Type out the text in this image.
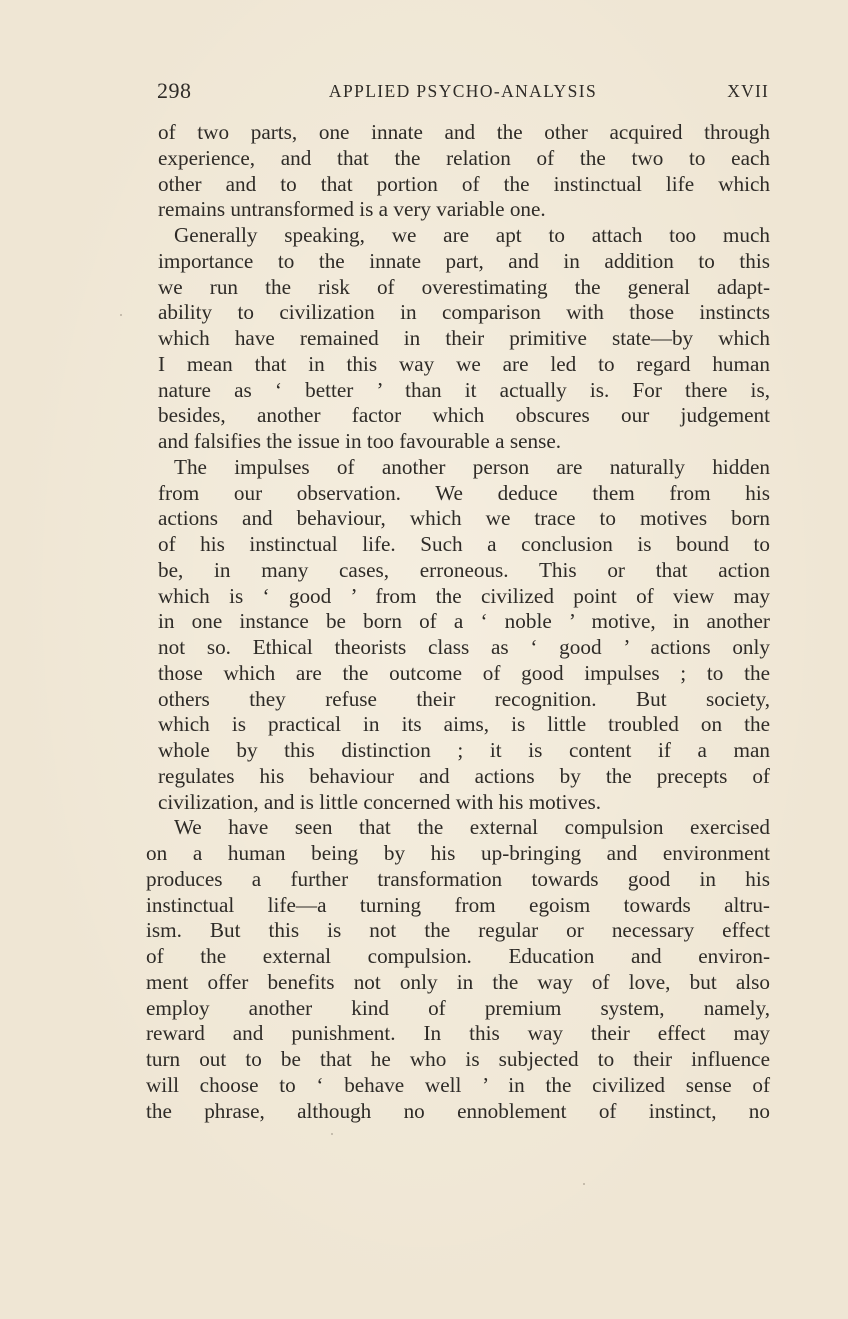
298	APPLIED PSYCHO-ANALYSIS	XVII
of two parts, one innate and the other acquired through
experience, and that the relation of the two to each
other and to that portion of the instinctual life which
remains untransformed is a very variable one.
Generally speaking, we are apt to attach too much
importance to the innate part, and in addition to this
we run the risk of overestimating the general adapt-
ability to civilization in comparison with those instincts
which have remained in their primitive state—by which
I mean that in this way we are led to regard human
nature as ‘ better ’ than it actually is. For there is,
besides, another factor which obscures our judgement
and falsifies the issue in too favourable a sense.
The impulses of another person are naturally hidden
from our observation. We deduce them from his
actions and behaviour, which we trace to motives born
of his instinctual life. Such a conclusion is bound to
be, in many cases, erroneous. This or that action
which is ‘ good ’ from the civilized point of view may
in one instance be born of a ‘ noble ’ motive, in another
not so. Ethical theorists class as ‘ good ’ actions only
those which are the outcome of good impulses ; to the
others they refuse their recognition. But society,
which is practical in its aims, is little troubled on the
whole by this distinction ; it is content if a man
regulates his behaviour and actions by the precepts of
civilization, and is little concerned with his motives.
We have seen that the external compulsion exercised
on a human being by his up-bringing and environment
produces a further transformation towards good in his
instinctual life—a turning from egoism towards altru-
ism. But this is not the regular or necessary effect
of the external compulsion. Education and environ-
ment offer benefits not only in the way of love, but also
employ another kind of premium system, namely,
reward and punishment. In this way their effect may
turn out to be that he who is subjected to their influence
will choose to ‘ behave well ’ in the civilized sense of
the phrase, although no ennoblement of instinct, no
